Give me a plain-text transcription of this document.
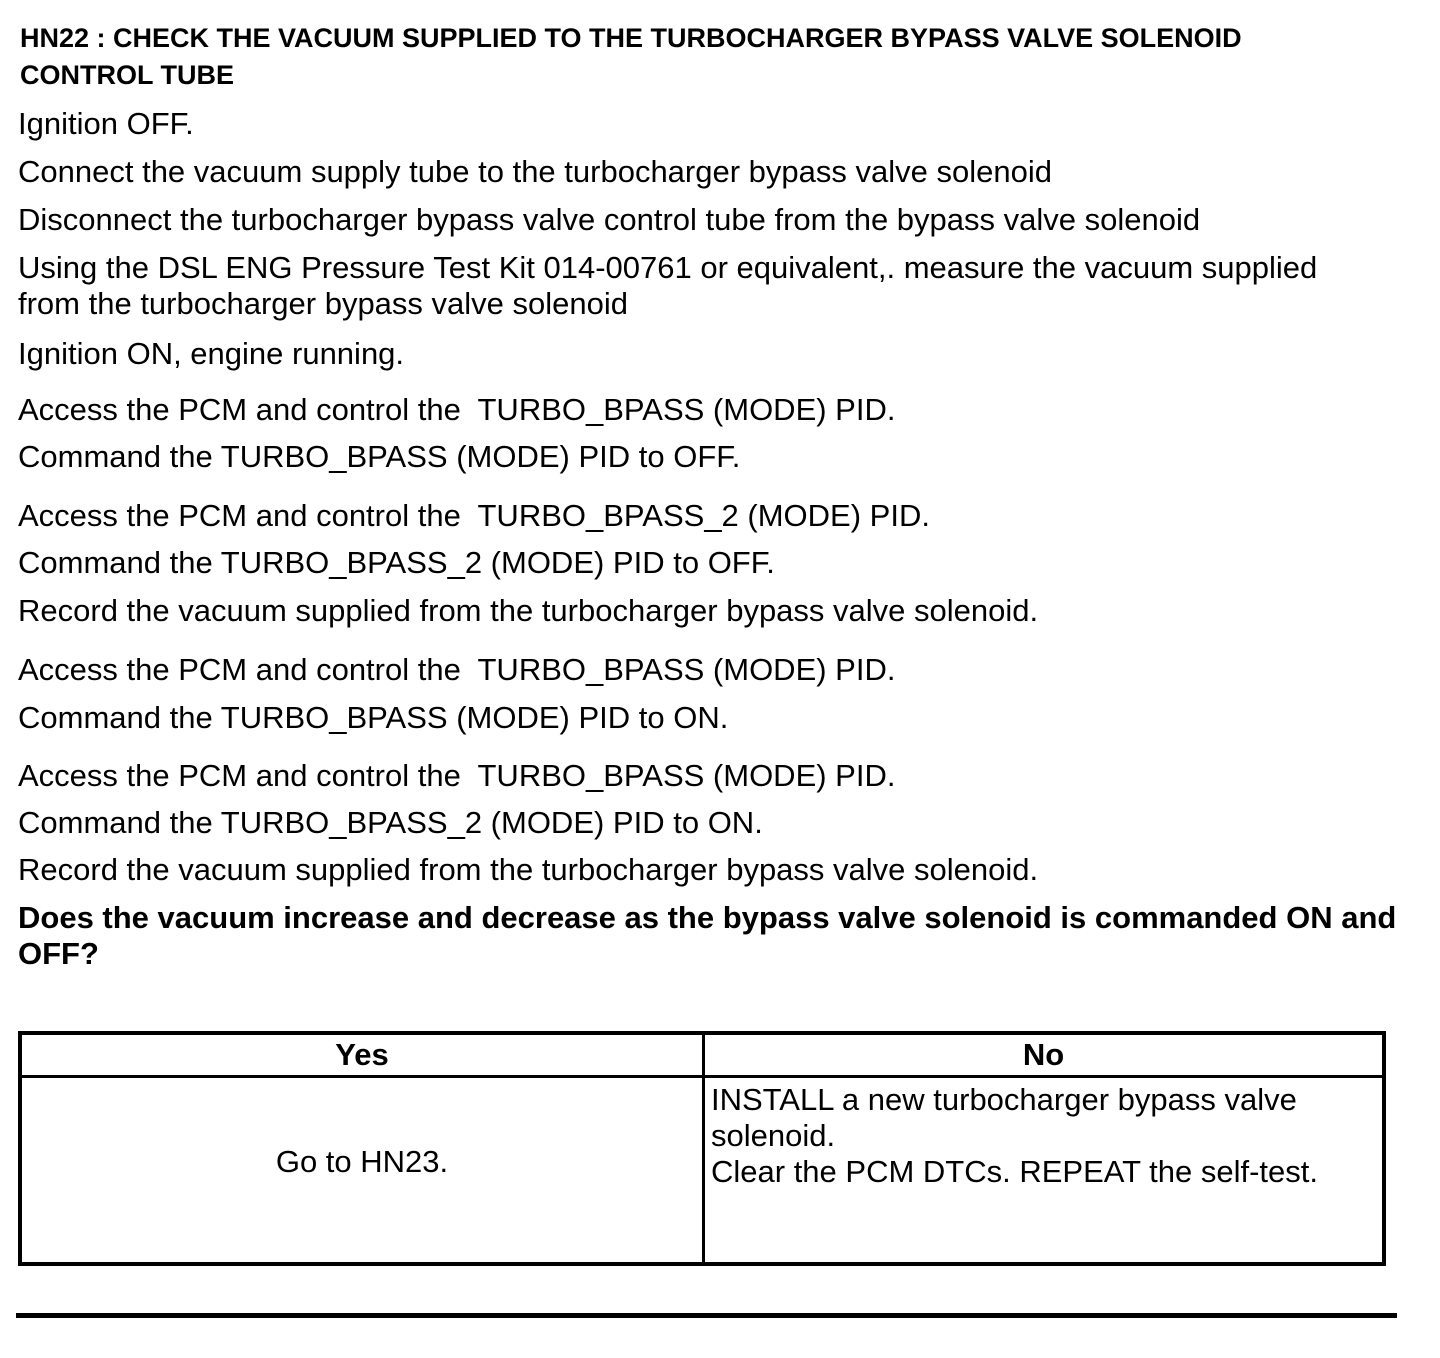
HN22 : CHECK THE VACUUM SUPPLIED TO THE TURBOCHARGER BYPASS VALVE SOLENOID CONTROL TUBE
Ignition OFF.
Connect the vacuum supply tube to the turbocharger bypass valve solenoid
Disconnect the turbocharger bypass valve control tube from the bypass valve solenoid
Using the DSL ENG Pressure Test Kit 014-00761 or equivalent,. measure the vacuum supplied from the turbocharger bypass valve solenoid
Ignition ON, engine running.
Access the PCM and control the  TURBO_BPASS (MODE) PID.
Command the TURBO_BPASS (MODE) PID to OFF.
Access the PCM and control the  TURBO_BPASS_2 (MODE) PID.
Command the TURBO_BPASS_2 (MODE) PID to OFF.
Record the vacuum supplied from the turbocharger bypass valve solenoid.
Access the PCM and control the  TURBO_BPASS (MODE) PID.
Command the TURBO_BPASS (MODE) PID to ON.
Access the PCM and control the  TURBO_BPASS (MODE) PID.
Command the TURBO_BPASS_2 (MODE) PID to ON.
Record the vacuum supplied from the turbocharger bypass valve solenoid.
Does the vacuum increase and decrease as the bypass valve solenoid is commanded ON and OFF?
Yes	No
Go to HN23.	INSTALL a new turbocharger bypass valve solenoid.
Clear the PCM DTCs. REPEAT the self-test.
